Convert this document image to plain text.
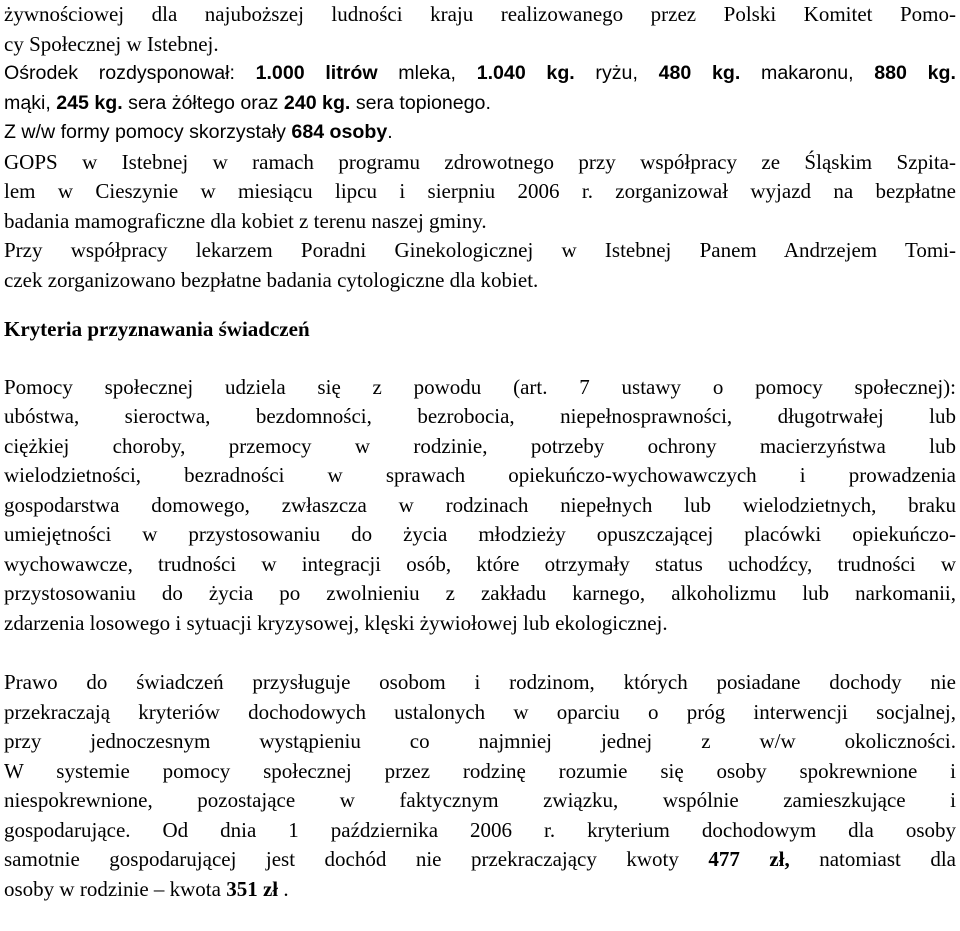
żywnościowej dla najuboższej ludności kraju realizowanego przez Polski Komitet Pomo-
cy Społecznej w Istebnej.
Ośrodek rozdysponował: 1.000 litrów mleka, 1.040 kg. ryżu, 480 kg. makaronu, 880 kg.
mąki, 245 kg. sera żółtego oraz 240 kg. sera topionego.
Z w/w formy pomocy skorzystały 684 osoby.
GOPS w Istebnej w ramach programu zdrowotnego przy współpracy ze Śląskim Szpita-
lem w Cieszynie w miesiącu lipcu i sierpniu 2006 r. zorganizował wyjazd na bezpłatne
badania mamograficzne dla kobiet z terenu naszej gminy.
Przy współpracy lekarzem Poradni Ginekologicznej w Istebnej Panem Andrzejem Tomi-
czek zorganizowano bezpłatne badania cytologiczne dla kobiet.
Kryteria przyznawania świadczeń
Pomocy społecznej udziela się z powodu (art. 7 ustawy o pomocy społecznej):
ubóstwa, sieroctwa, bezdomności, bezrobocia, niepełnosprawności, długotrwałej lub
ciężkiej choroby, przemocy w rodzinie, potrzeby ochrony macierzyństwa lub
wielodzietności, bezradności w sprawach opiekuńczo-wychowawczych i prowadzenia
gospodarstwa domowego, zwłaszcza w rodzinach niepełnych lub wielodzietnych, braku
umiejętności w przystosowaniu do życia młodzieży opuszczającej placówki opiekuńczo-
wychowawcze, trudności w integracji osób, które otrzymały status uchodźcy, trudności w
przystosowaniu do życia po zwolnieniu z zakładu karnego, alkoholizmu lub narkomanii,
zdarzenia losowego i sytuacji kryzysowej, klęski żywiołowej lub ekologicznej.
Prawo do świadczeń przysługuje osobom i rodzinom, których posiadane dochody nie
przekraczają kryteriów dochodowych ustalonych w oparciu o próg interwencji socjalnej,
przy jednoczesnym wystąpieniu co najmniej jednej z w/w okoliczności.
W systemie pomocy społecznej przez rodzinę rozumie się osoby spokrewnione i
niespokrewnione, pozostające w faktycznym związku, wspólnie zamieszkujące i
gospodarujące. Od dnia 1 października 2006 r. kryterium dochodowym dla osoby
samotnie gospodarującej jest dochód nie przekraczający kwoty 477 zł, natomiast dla
osoby w rodzinie – kwota 351 zł .
